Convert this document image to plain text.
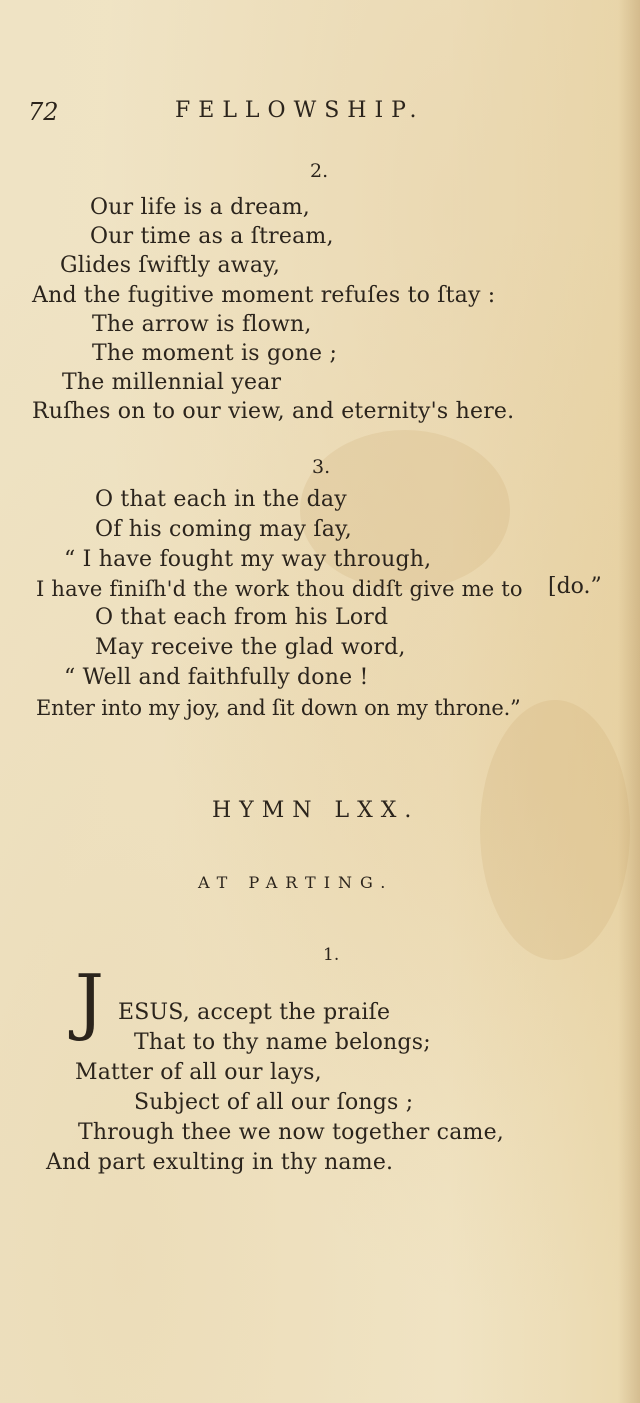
72	FELLOWSHIP.
2.
Our life is a dream,
Our time as a ſtream,
Glides ſwiftly away,
And the fugitive moment refuſes to ſtay :
The arrow is flown,
The moment is gone ;
The millennial year
Ruſhes on to our view, and eternity's here.
3.
O that each in the day
Of his coming may ſay,
“ I have fought my way through,
[do.”
I have finiſh'd the work thou didſt give me to
O that each from his Lord
May receive the glad word,
“ Well and faithfully done !
Enter into my joy, and ſit down on my throne.”
HYMN LXX.
AT PARTING.
1.
J ESUS, accept the praiſe
That to thy name belongs;
Matter of all our lays,
Subject of all our ſongs ;
Through thee we now together came,
And part exulting in thy name.
